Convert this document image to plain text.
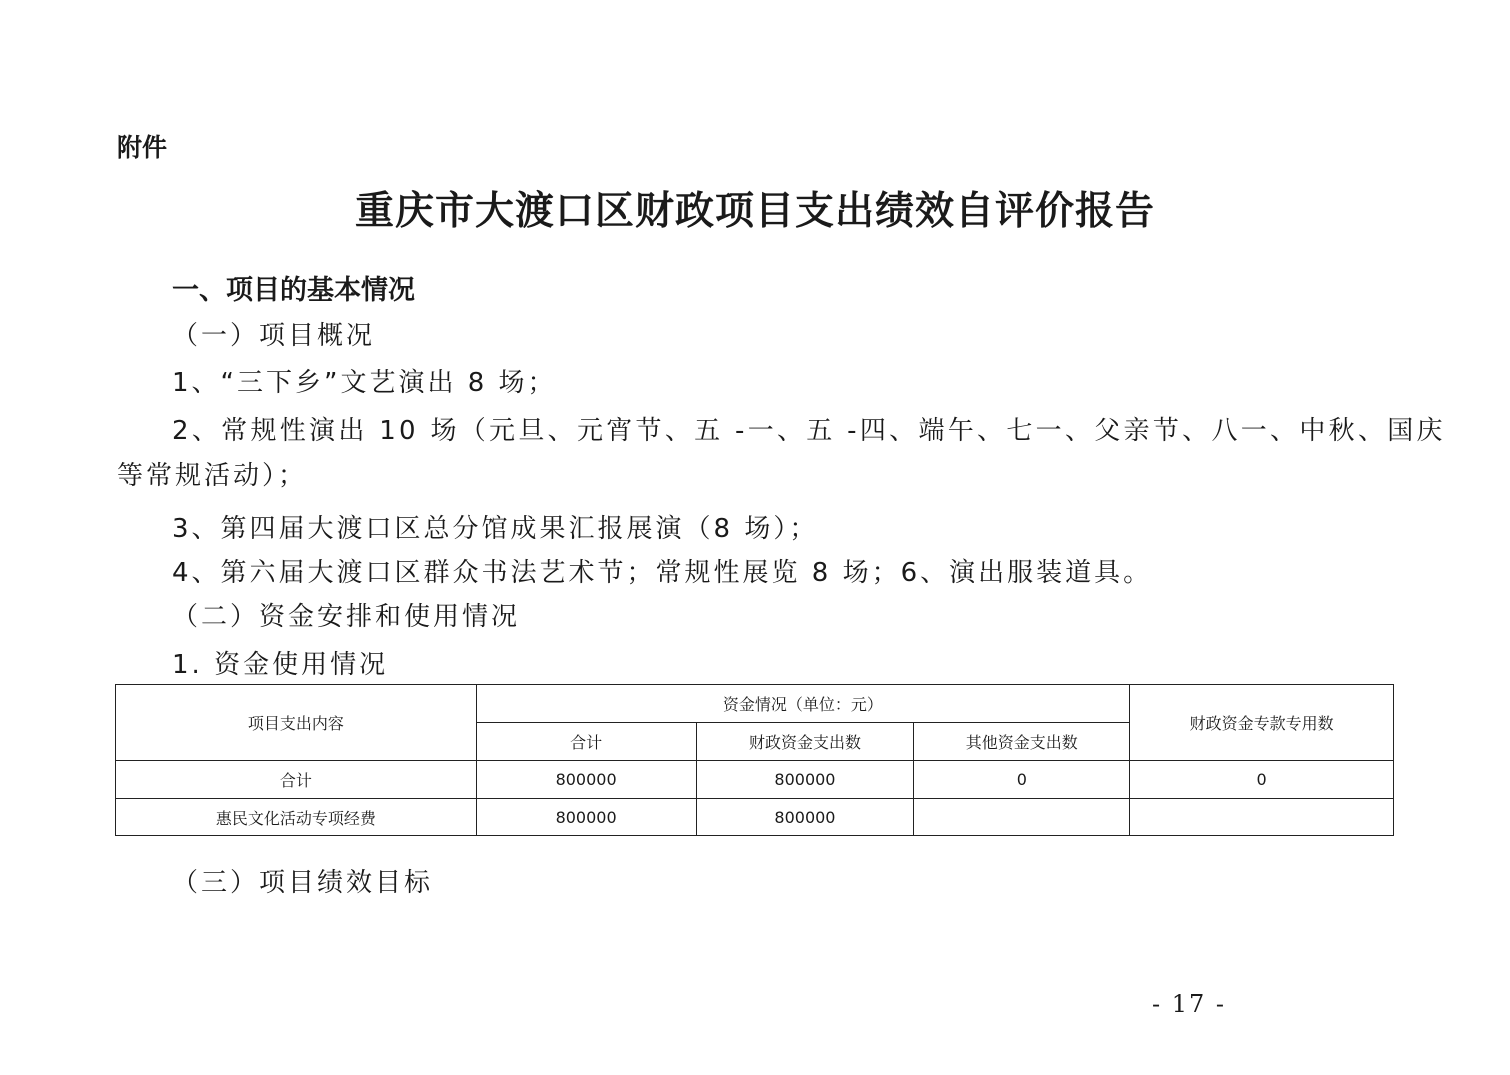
附件
重庆市大渡口区财政项目支出绩效自评价报告
一、项目的基本情况
（一）项目概况
1、“三下乡”文艺演出 8 场；
2、常规性演出 10 场（元旦、元宵节、五 -一、五 -四、端午、七一、父亲节、八一、中秋、国庆
等常规活动）；
3、第四届大渡口区总分馆成果汇报展演（8 场）；
4、第六届大渡口区群众书法艺术节；常规性展览 8 场；6、演出服装道具。
（二）资金安排和使用情况
1. 资金使用情况
项目支出内容	资金情况（单位：元）			财政资金专款专用数
	合计	财政资金支出数	其他资金支出数	
合计	800000	800000	0	0
惠民文化活动专项经费	800000	800000		
（三）项目绩效目标
- 17 -
